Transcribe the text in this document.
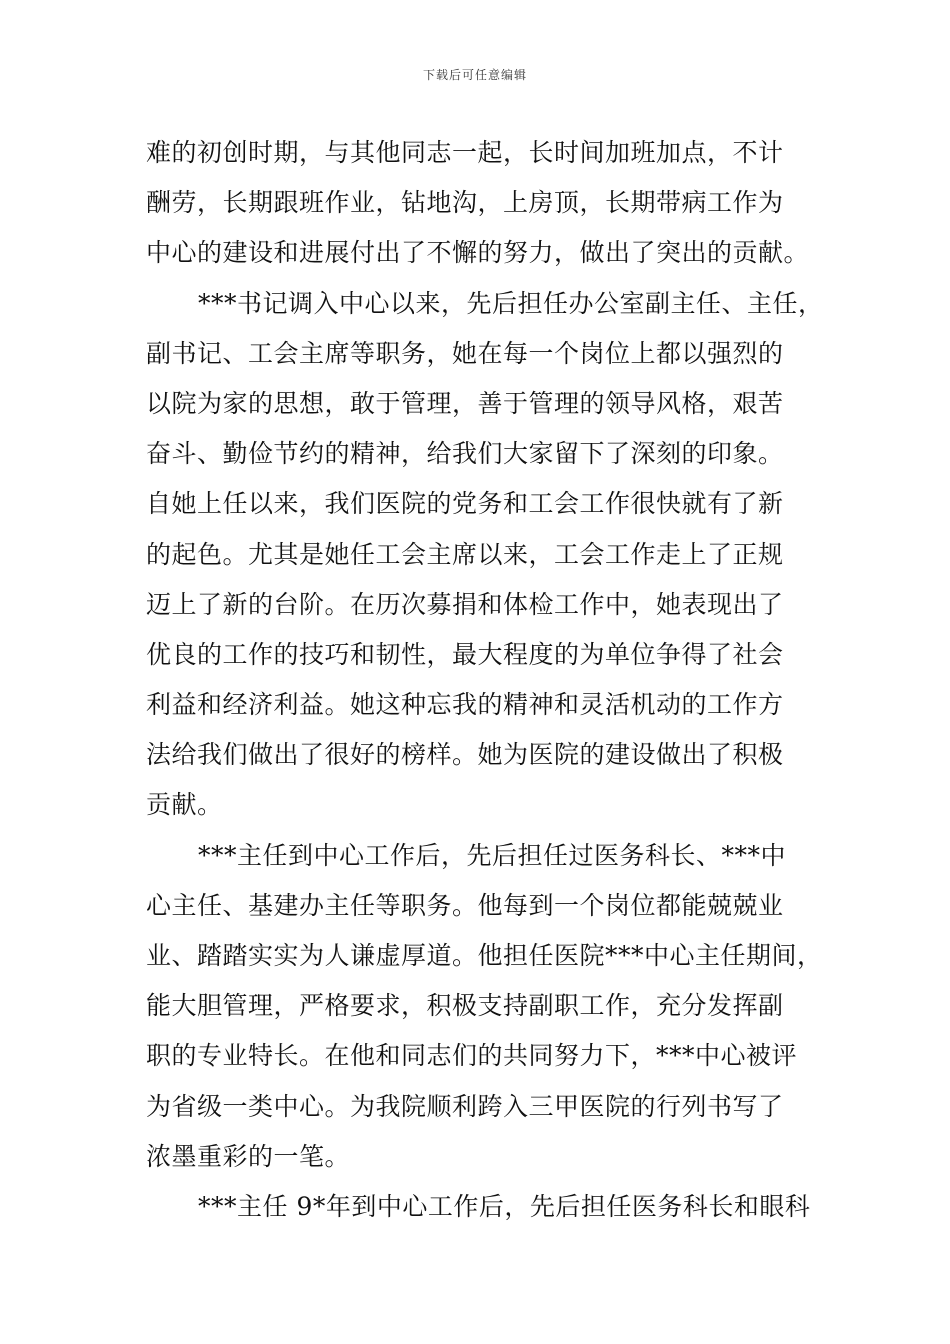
下载后可任意编辑
难的初创时期，与其他同志一起，长时间加班加点，不计
酬劳，长期跟班作业，钻地沟，上房顶，长期带病工作为
中心的建设和进展付出了不懈的努力，做出了突出的贡献。
***书记调入中心以来，先后担任办公室副主任、主任，
副书记、工会主席等职务，她在每一个岗位上都以强烈的
以院为家的思想，敢于管理，善于管理的领导风格，艰苦
奋斗、勤俭节约的精神，给我们大家留下了深刻的印象。
自她上任以来，我们医院的党务和工会工作很快就有了新
的起色。尤其是她任工会主席以来，工会工作走上了正规
迈上了新的台阶。在历次募捐和体检工作中，她表现出了
优良的工作的技巧和韧性，最大程度的为单位争得了社会
利益和经济利益。她这种忘我的精神和灵活机动的工作方
法给我们做出了很好的榜样。她为医院的建设做出了积极
贡献。
***主任到中心工作后，先后担任过医务科长、***中
心主任、基建办主任等职务。他每到一个岗位都能兢兢业
业、踏踏实实为人谦虚厚道。他担任医院***中心主任期间，
能大胆管理，严格要求，积极支持副职工作，充分发挥副
职的专业特长。在他和同志们的共同努力下，***中心被评
为省级一类中心。为我院顺利跨入三甲医院的行列书写了
浓墨重彩的一笔。
***主任 9*年到中心工作后，先后担任医务科长和眼科
